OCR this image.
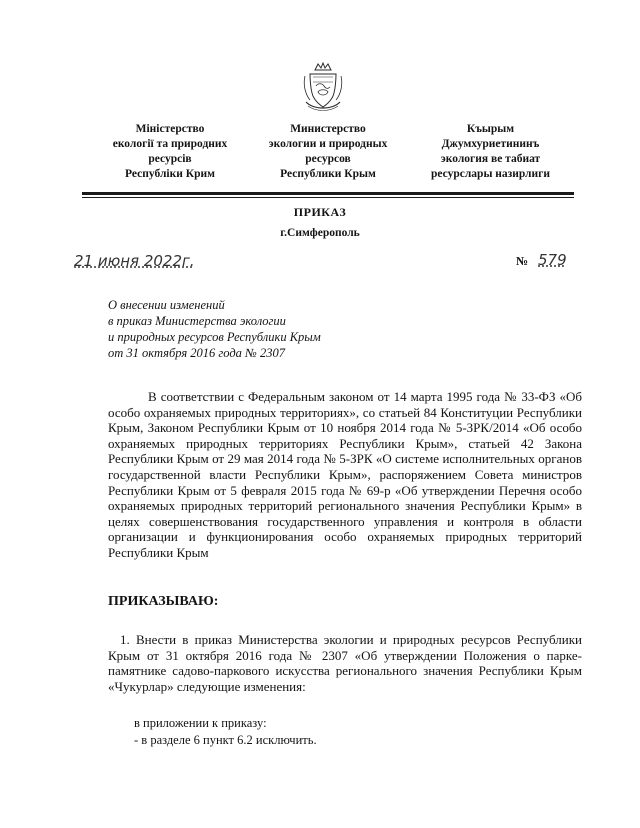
Міністерство
екології та природних
ресурсів
Республіки Крим
Министерство
экологии и природных
ресурсов
Республики Крым
Къырым
Джумхуриетининъ
экология ве табиат
ресурслары назирлиги
ПРИКАЗ
г.Симферополь
21 июня 2022г.	№ 579
О внесении изменений
в приказ Министерства экологии
и природных ресурсов Республики Крым
от 31 октября 2016 года № 2307
В соответствии с Федеральным законом от 14 марта 1995 года № 33-ФЗ «Об особо охраняемых природных территориях», со статьей 84 Конституции Республики Крым, Законом Республики Крым от 10 ноября 2014 года № 5-ЗРК/2014 «Об особо охраняемых природных территориях Республики Крым», статьей 42 Закона Республики Крым от 29 мая 2014 года № 5-ЗРК «О системе исполнительных органов государственной власти Республики Крым», распоряжением Совета министров Республики Крым от 5 февраля 2015 года № 69-р «Об утверждении Перечня особо охраняемых природных территорий регионального значения Республики Крым» в целях совершенствования государственного управления и контроля в области организации и функционирования особо охраняемых природных территорий Республики Крым
ПРИКАЗЫВАЮ:
1. Внести в приказ Министерства экологии и природных ресурсов Республики Крым от 31 октября 2016 года № 2307 «Об утверждении Положения о парке-памятнике садово-паркового искусства регионального значения Республики Крым «Чукурлар» следующие изменения:
в приложении к приказу:
- в разделе 6 пункт 6.2 исключить.
